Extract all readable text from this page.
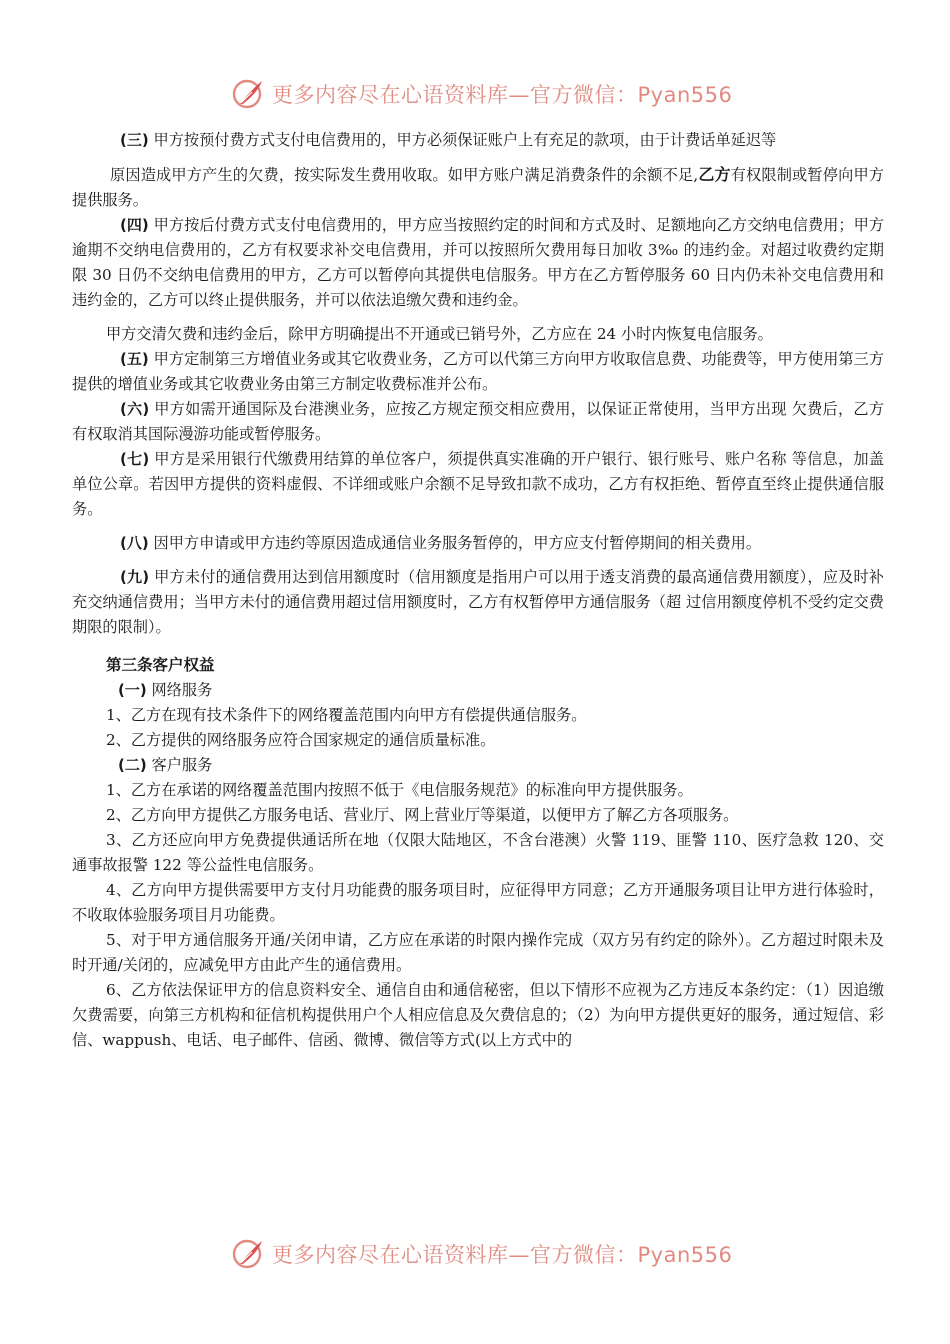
更多内容尽在心语资料库—官方微信：Pyan556

(三) 甲方按预付费方式支付电信费用的，甲方必须保证账户上有充足的款项，由于计费话单延迟等

原因造成甲方产生的欠费，按实际发生费用收取。如甲方账户满足消费条件的余额不足,乙方有权限制或暂停向甲方提供服务。

(四) 甲方按后付费方式支付电信费用的，甲方应当按照约定的时间和方式及时、足额地向乙方交纳电信费用；甲方逾期不交纳电信费用的，乙方有权要求补交电信费用，并可以按照所欠费用每日加收 3‰ 的违约金。对超过收费约定期限 30 日仍不交纳电信费用的甲方，乙方可以暂停向其提供电信服务。甲方在乙方暂停服务 60 日内仍未补交电信费用和违约金的，乙方可以终止提供服务，并可以依法追缴欠费和违约金。

甲方交清欠费和违约金后，除甲方明确提出不开通或已销号外，乙方应在 24 小时内恢复电信服务。

(五) 甲方定制第三方增值业务或其它收费业务，乙方可以代第三方向甲方收取信息费、功能费等，甲方使用第三方提供的增值业务或其它收费业务由第三方制定收费标准并公布。

(六) 甲方如需开通国际及台港澳业务，应按乙方规定预交相应费用，以保证正常使用，当甲方出现 欠费后，乙方有权取消其国际漫游功能或暂停服务。

(七) 甲方是采用银行代缴费用结算的单位客户，须提供真实准确的开户银行、银行账号、账户名称 等信息，加盖单位公章。若因甲方提供的资料虚假、不详细或账户余额不足导致扣款不成功，乙方有权拒绝、暂停直至终止提供通信服务。

(八) 因甲方申请或甲方违约等原因造成通信业务服务暂停的，甲方应支付暂停期间的相关费用。

(九) 甲方未付的通信费用达到信用额度时（信用额度是指用户可以用于透支消费的最高通信费用额度），应及时补充交纳通信费用；当甲方未付的通信费用超过信用额度时，乙方有权暂停甲方通信服务（超 过信用额度停机不受约定交费期限的限制）。

第三条客户权益

(一) 网络服务

1、乙方在现有技术条件下的网络覆盖范围内向甲方有偿提供通信服务。

2、乙方提供的网络服务应符合国家规定的通信质量标准。

(二) 客户服务

1、乙方在承诺的网络覆盖范围内按照不低于《电信服务规范》的标准向甲方提供服务。

2、乙方向甲方提供乙方服务电话、营业厅、网上营业厅等渠道，以便甲方了解乙方各项服务。

3、乙方还应向甲方免费提供通话所在地（仅限大陆地区，不含台港澳）火警 119、匪警 110、医疗急救 120、交通事故报警 122 等公益性电信服务。

4、乙方向甲方提供需要甲方支付月功能费的服务项目时，应征得甲方同意；乙方开通服务项目让甲方进行体验时，不收取体验服务项目月功能费。

5、对于甲方通信服务开通/关闭申请，乙方应在承诺的时限内操作完成（双方另有约定的除外）。乙方超过时限未及时开通/关闭的，应减免甲方由此产生的通信费用。

6、乙方依法保证甲方的信息资料安全、通信自由和通信秘密，但以下情形不应视为乙方违反本条约定：（1）因追缴欠费需要，向第三方机构和征信机构提供用户个人相应信息及欠费信息的；（2）为向甲方提供更好的服务，通过短信、彩信、wappush、电话、电子邮件、信函、微博、微信等方式(以上方式中的

更多内容尽在心语资料库—官方微信：Pyan556
